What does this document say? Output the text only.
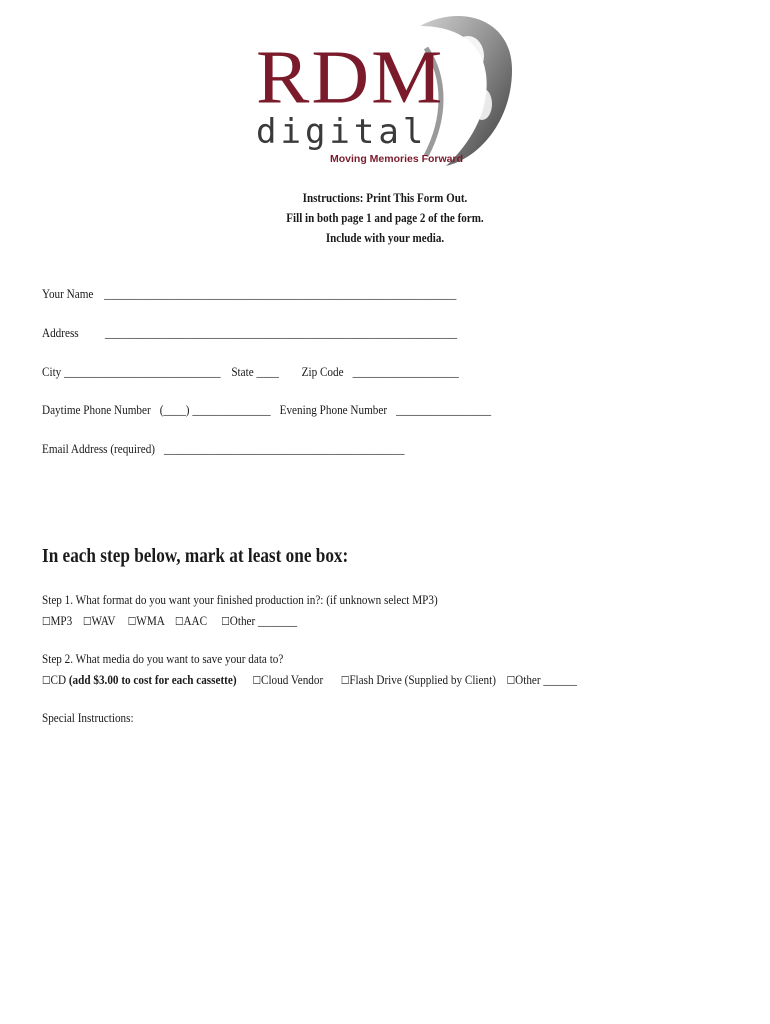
RDM
digital
Moving Memories Forward
Instructions: Print This Form Out.
Fill in both page 1 and page 2 of the form.
Include with your media.
Your Name _______________________________________________________________
Address _______________________________________________________________
City ____________________________ State ____ Zip Code ___________________
Daytime Phone Number (____) ______________ Evening Phone Number _________________
Email Address (required) ___________________________________________
In each step below, mark at least one box:
Step 1. What format do you want your finished production in?: (if unknown select MP3)
☐MP3 ☐WAV ☐WMA ☐AAC ☐Other _______
Step 2. What media do you want to save your data to?
☐CD (add $3.00 to cost for each cassette) ☐Cloud Vendor ☐Flash Drive (Supplied by Client) ☐Other ______
Special Instructions:
